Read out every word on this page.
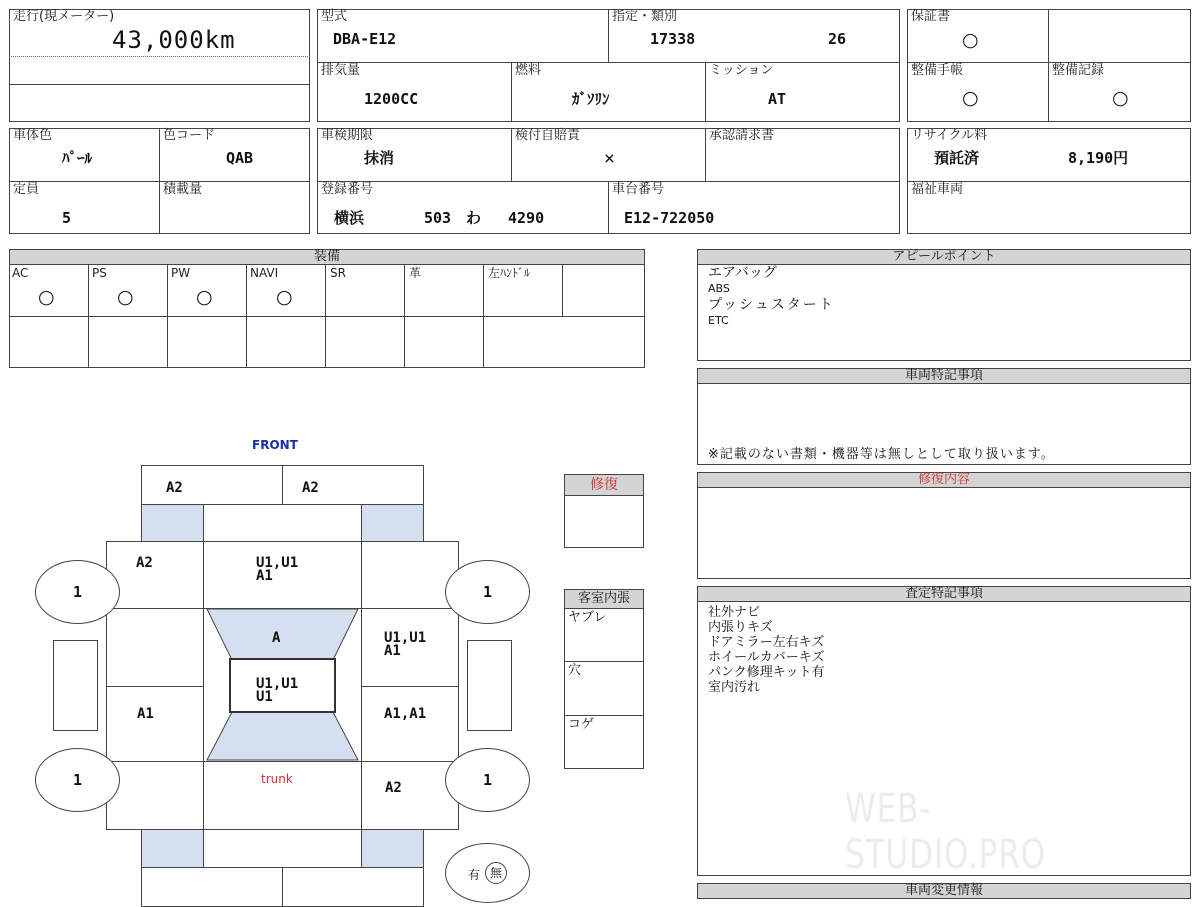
走行(現メーター)
43,000km
型式
DBA-E12
指定・類別
17338	26
排気量
1200CC
燃料
ｶﾞｿﾘﾝ
ミッション
AT
保証書
○
整備手帳
○
整備記録
○
車体色
ﾊﾟｰﾙ
色コード
QAB
定員
5
積載量
車検期限
抹消
検付自賠責
×
承認請求書
登録番号
横浜	503 わ 4290
車台番号
E12-722050
リサイクル料
預託済	8,190円
福祉車両
装備
AC
○
PS
○
PW
○
NAVI
○
SR	革	左ﾊﾝﾄﾞﾙ
アピールポイント
エアバッグ
ABS
プッシュスタート
ETC
車両特記事項
※記載のない書類・機器等は無しとして取り扱います。
修復内容
査定特記事項
社外ナビ
内張りキズ
ドアミラー左右キズ
ホイールカバーキズ
パンク修理キット有
室内汚れ
車両変更情報
WEB-STUDIO.PRO
修復
客室内張
ヤブレ
穴
コゲ
FRONT
A2	A2
A2	U1,U1
A1
A	U1,U1
A1
U1,U1
U1
A1	A1,A1
trunk
A2
1	1
1	1
有 無
